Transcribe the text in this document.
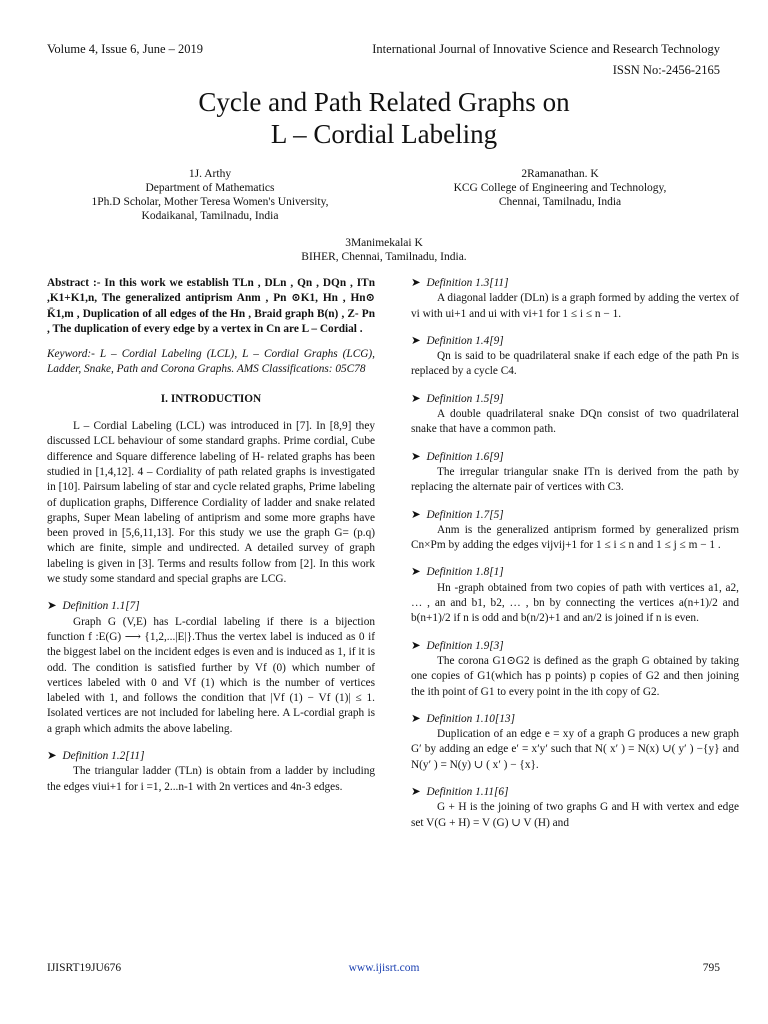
Volume 4, Issue 6, June – 2019	International Journal of Innovative Science and Research Technology
ISSN No:-2456-2165
Cycle and Path Related Graphs on
L – Cordial Labeling
1J. Arthy
Department of Mathematics
1Ph.D Scholar, Mother Teresa Women's University,
Kodaikanal, Tamilnadu, India
2Ramanathan. K
KCG College of Engineering and Technology,
Chennai, Tamilnadu, India
3Manimekalai K
BIHER, Chennai, Tamilnadu, India.

Abstract :- In this work we establish TLn , DLn , Qn , DQn , ITn ,K1+K1,n, The generalized antiprism Anm , Pn ⊙K1, Hn , Hn⊙ K̄1,m , Duplication of all edges of the Hn , Braid graph B(n) , Z- Pn , The duplication of every edge by a vertex in Cn are L – Cordial .

Keyword:- L – Cordial Labeling (LCL), L – Cordial Graphs (LCG), Ladder, Snake, Path and Corona Graphs. AMS Classifications: 05C78

I. INTRODUCTION

L – Cordial Labeling (LCL) was introduced in [7]. In [8,9] they discussed LCL behaviour of some standard graphs. Prime cordial, Cube difference and Square difference labeling of H- related graphs has been studied in [1,4,12]. 4 – Cordiality of path related graphs is investigated in [10]. Pairsum labeling of star and cycle related graphs, Prime labeling of duplication graphs, Difference Cordiality of ladder and snake related graphs, Super Mean labeling of antiprism and some more graphs have been proved in [5,6,11,13]. For this study we use the graph G= (p.q) which are finite, simple and undirected. A detailed survey of graph labeling is given in [3]. Terms and results follow from [2]. In this work we study some standard and special graphs are LCG.

➤ Definition 1.1[7]

Graph G (V,E) has L-cordial labeling if there is a bijection function f :E(G) ⟶ {1,2,...|E|}.Thus the vertex label is induced as 0 if the biggest label on the incident edges is even and is induced as 1, if it is odd. The condition is satisfied further by Vf (0) which number of vertices labeled with 0 and Vf (1) which is the number of vertices labeled with 1, and follows the condition that |Vf (1) − Vf (1)| ≤ 1. Isolated vertices are not included for labeling here. A L-cordial graph is a graph which admits the above labeling.

➤ Definition 1.2[11]

The triangular ladder (TLn) is obtain from a ladder by including the edges viui+1 for i =1, 2...n-1 with 2n vertices and 4n-3 edges.

➤ Definition 1.3[11]

A diagonal ladder (DLn) is a graph formed by adding the vertex of vi with ui+1 and ui with vi+1 for 1 ≤ i ≤ n − 1.

➤ Definition 1.4[9]

Qn is said to be quadrilateral snake if each edge of the path Pn is replaced by a cycle C4.

➤ Definition 1.5[9]

A double quadrilateral snake DQn consist of two quadrilateral snake that have a common path.

➤ Definition 1.6[9]

The irregular triangular snake ITn is derived from the path by replacing the alternate pair of vertices with C3.

➤ Definition 1.7[5]

Anm is the generalized antiprism formed by generalized prism Cn×Pm by adding the edges vijvij+1 for 1 ≤ i ≤ n and 1 ≤ j ≤ m − 1 .

➤ Definition 1.8[1]

Hn -graph obtained from two copies of path with vertices a1, a2, … , an and b1, b2, … , bn by connecting the vertices a(n+1)/2 and b(n+1)/2 if n is odd and b(n/2)+1 and an/2 is joined if n is even.

➤ Definition 1.9[3]

The corona G1⊙G2 is defined as the graph G obtained by taking one copies of G1(which has p points) p copies of G2 and then joining the ith point of G1 to every point in the ith copy of G2.

➤ Definition 1.10[13]

Duplication of an edge e = xy of a graph G produces a new graph G′ by adding an edge e′ = x′y′ such that N( x′ ) = N(x) ∪( y′ ) −{y} and N(y′ ) = N(y) ∪ ( x′ ) − {x}.

➤ Definition 1.11[6]

G + H is the joining of two graphs G and H with vertex and edge set V(G + H) = V (G) ∪ V (H) and

IJISRT19JU676	www.ijisrt.com	795
